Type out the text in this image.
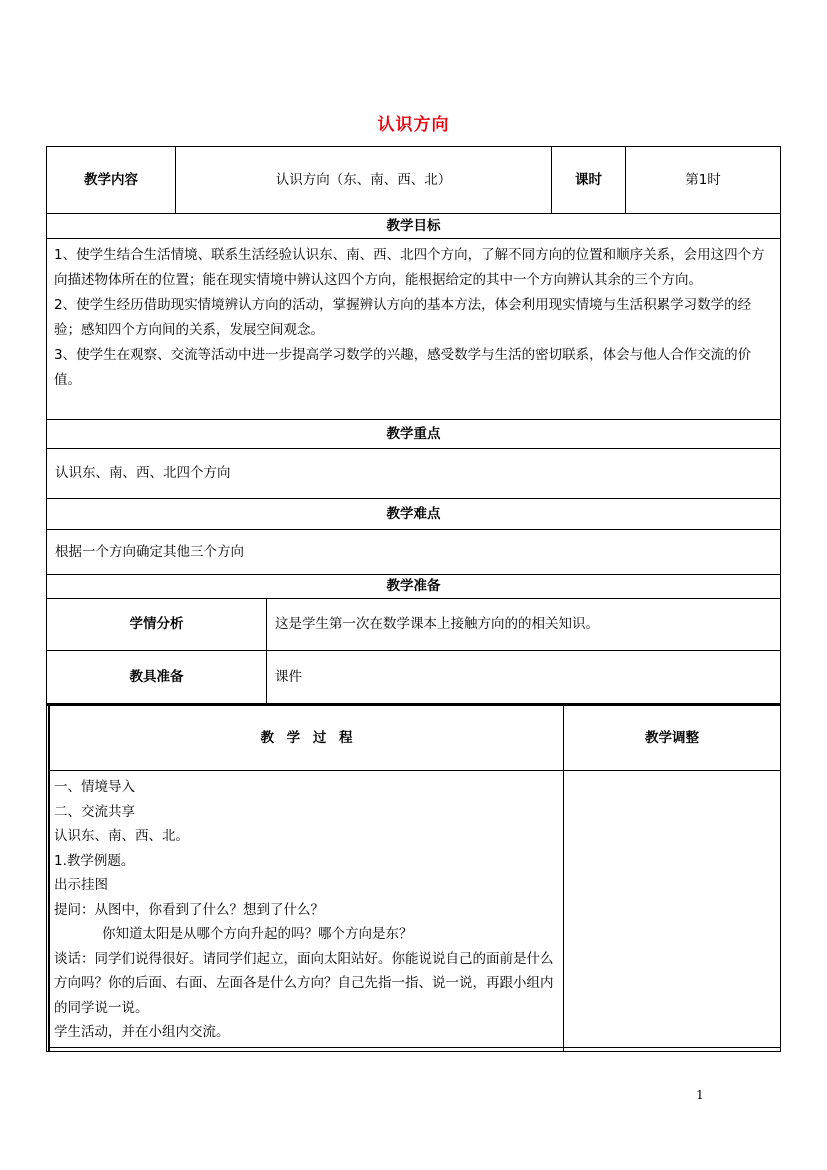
认识方向
教学内容	认识方向（东、南、西、北）	课时	第1时
教学目标

1、使学生结合生活情境、联系生活经验认识东、南、西、北四个方向，了解不同方向的位置和顺序关系，会用这四个方向描述物体所在的位置；能在现实情境中辨认这四个方向，能根据给定的其中一个方向辨认其余的三个方向。

2、使学生经历借助现实情境辨认方向的活动，掌握辨认方向的基本方法，体会利用现实情境与生活积累学习数学的经验；感知四个方向间的关系，发展空间观念。

3、使学生在观察、交流等活动中进一步提高学习数学的兴趣，感受数学与生活的密切联系，体会与他人合作交流的价值。

教学重点
认识东、南、西、北四个方向
教学难点
根据一个方向确定其他三个方向
教学准备
学情分析	这是学生第一次在数学课本上接触方向的的相关知识。
教具准备	课件
教 学 过 程	教学调整

一、情境导入

二、交流共享

认识东、南、西、北。

1.教学例题。

出示挂图

提问：从图中，你看到了什么？想到了什么？

你知道太阳是从哪个方向升起的吗？哪个方向是东？

谈话：同学们说得很好。请同学们起立，面向太阳站好。你能说说自己的面前是什么方向吗？你的后面、右面、左面各是什么方向？自己先指一指、说一说，再跟小组内的同学说一说。

学生活动，并在小组内交流。

1
